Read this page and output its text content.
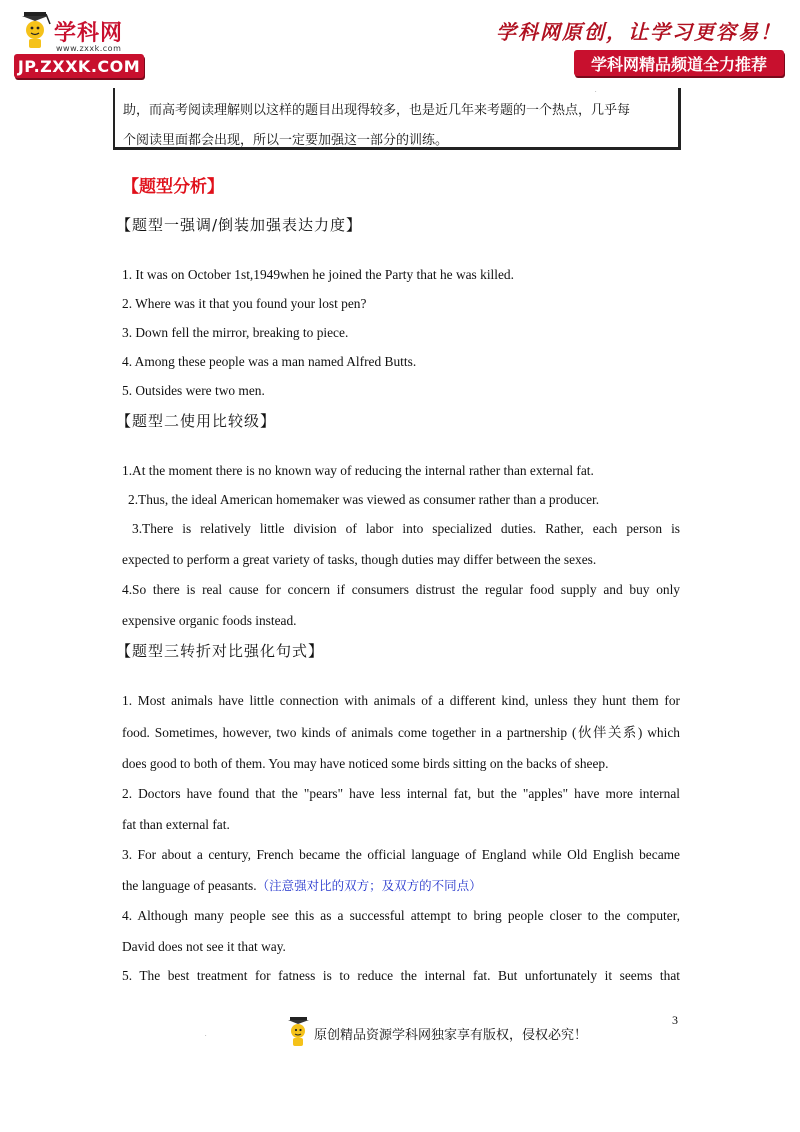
学科网
www.zxxk.com
JP.ZXXK.COM
学科网原创，让学习更容易！
学科网精品频道全力推荐
.

助，而高考阅读理解则以这样的题目出现得较多，也是近几年来考题的一个热点，几乎每

个阅读里面都会出现，所以一定要加强这一部分的训练。

【题型分析】
【题型一强调/倒装加强表达力度】
1. It was on October 1st,1949when he joined the Party that he was killed.
2. Where was it that you found your lost pen?
3. Down fell the mirror, breaking to piece.
4. Among these people was a man named Alfred Butts.
5. Outsides were two men.
【题型二使用比较级】
1.At the moment there is no known way of reducing the internal rather than external fat.
2.Thus, the ideal American homemaker was viewed as consumer rather than a producer.
3.There is relatively little division of labor into specialized duties. Rather, each person is
expected to perform a great variety of tasks, though duties may differ between the sexes.
4.So there is real cause for concern if consumers distrust the regular food supply and buy only
expensive organic foods instead.
【题型三转折对比强化句式】
1. Most animals have little connection with animals of a different kind, unless they hunt them for
food. Sometimes, however, two kinds of animals come together in a partnership (伙伴关系) which
does good to both of them. You may have noticed some birds sitting on the backs of sheep.
2. Doctors have found that the "pears" have less internal fat, but the "apples" have more internal
fat than external fat.
3. For about a century, French became the official language of England while Old English became
the language of peasants.（注意强对比的双方；及双方的不同点）
4. Although many people see this as a successful attempt to bring people closer to the computer,
David does not see it that way.
5. The best treatment for fatness is to reduce the internal fat. But unfortunately it seems that
3
.	原创精品资源学科网独家享有版权，侵权必究！
